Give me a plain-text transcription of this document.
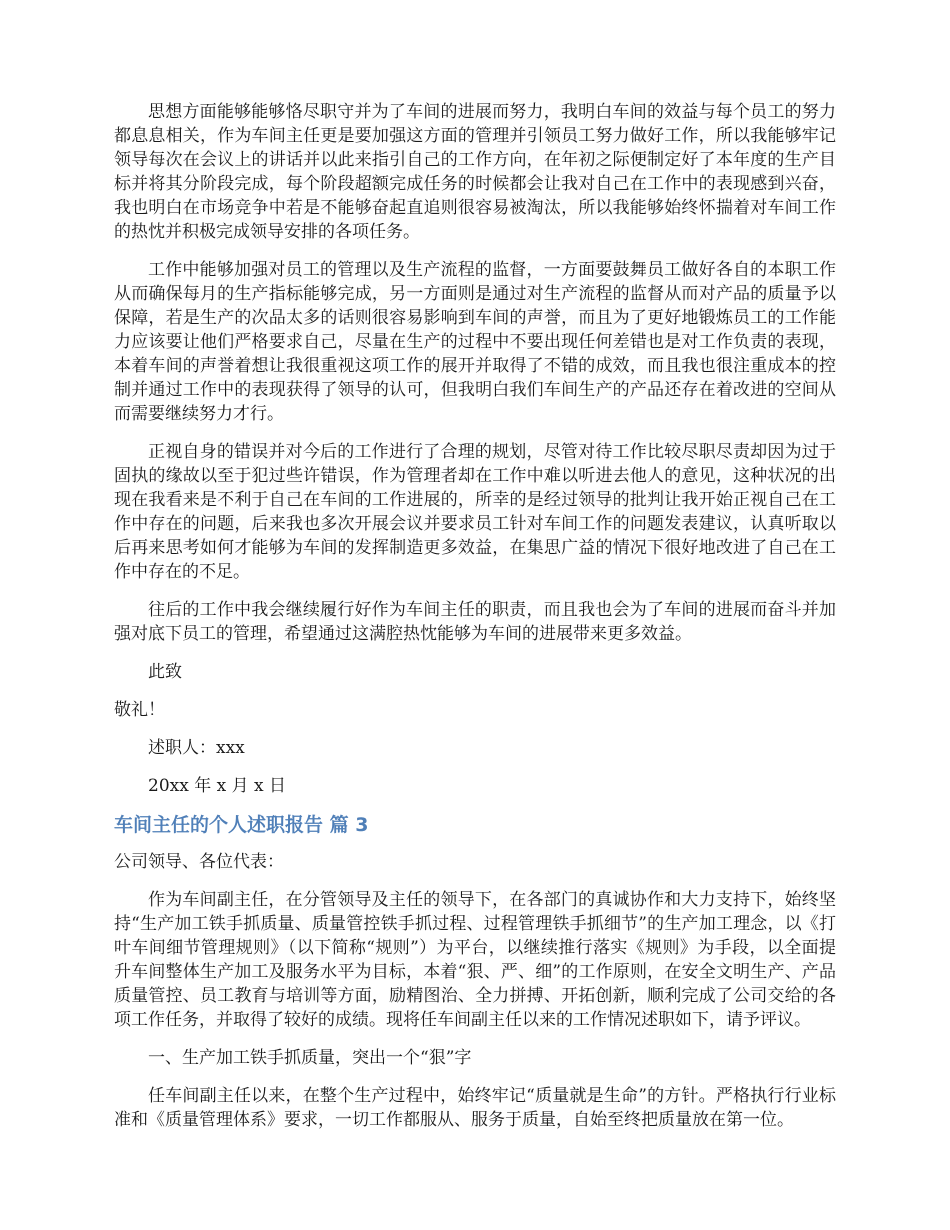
思想方面能够能够恪尽职守并为了车间的进展而努力，我明白车间的效益与每个员工的努力都息息相关，作为车间主任更是要加强这方面的管理并引领员工努力做好工作，所以我能够牢记领导每次在会议上的讲话并以此来指引自己的工作方向，在年初之际便制定好了本年度的生产目标并将其分阶段完成，每个阶段超额完成任务的时候都会让我对自己在工作中的表现感到兴奋，我也明白在市场竞争中若是不能够奋起直追则很容易被淘汰，所以我能够始终怀揣着对车间工作的热忱并积极完成领导安排的各项任务。

工作中能够加强对员工的管理以及生产流程的监督，一方面要鼓舞员工做好各自的本职工作从而确保每月的生产指标能够完成，另一方面则是通过对生产流程的监督从而对产品的质量予以保障，若是生产的次品太多的话则很容易影响到车间的声誉，而且为了更好地锻炼员工的工作能力应该要让他们严格要求自己，尽量在生产的过程中不要出现任何差错也是对工作负责的表现，本着车间的声誉着想让我很重视这项工作的展开并取得了不错的成效，而且我也很注重成本的控制并通过工作中的表现获得了领导的认可，但我明白我们车间生产的产品还存在着改进的空间从而需要继续努力才行。

正视自身的错误并对今后的工作进行了合理的规划，尽管对待工作比较尽职尽责却因为过于固执的缘故以至于犯过些许错误，作为管理者却在工作中难以听进去他人的意见，这种状况的出现在我看来是不利于自己在车间的工作进展的，所幸的是经过领导的批判让我开始正视自己在工作中存在的问题，后来我也多次开展会议并要求员工针对车间工作的问题发表建议，认真听取以后再来思考如何才能够为车间的发挥制造更多效益，在集思广益的情况下很好地改进了自己在工作中存在的不足。

往后的工作中我会继续履行好作为车间主任的职责，而且我也会为了车间的进展而奋斗并加强对底下员工的管理，希望通过这满腔热忱能够为车间的进展带来更多效益。

此致

敬礼！

述职人：xxx

20xx 年 x 月 x 日

车间主任的个人述职报告 篇 3

公司领导、各位代表：

作为车间副主任，在分管领导及主任的领导下，在各部门的真诚协作和大力支持下，始终坚持“生产加工铁手抓质量、质量管控铁手抓过程、过程管理铁手抓细节”的生产加工理念，以《打叶车间细节管理规则》（以下简称“规则”）为平台，以继续推行落实《规则》为手段，以全面提升车间整体生产加工及服务水平为目标，本着“狠、严、细”的工作原则，在安全文明生产、产品质量管控、员工教育与培训等方面，励精图治、全力拼搏、开拓创新，顺利完成了公司交给的各项工作任务，并取得了较好的成绩。现将任车间副主任以来的工作情况述职如下，请予评议。

一、生产加工铁手抓质量，突出一个“狠”字

任车间副主任以来，在整个生产过程中，始终牢记“质量就是生命”的方针。严格执行行业标准和《质量管理体系》要求，一切工作都服从、服务于质量，自始至终把质量放在第一位。
